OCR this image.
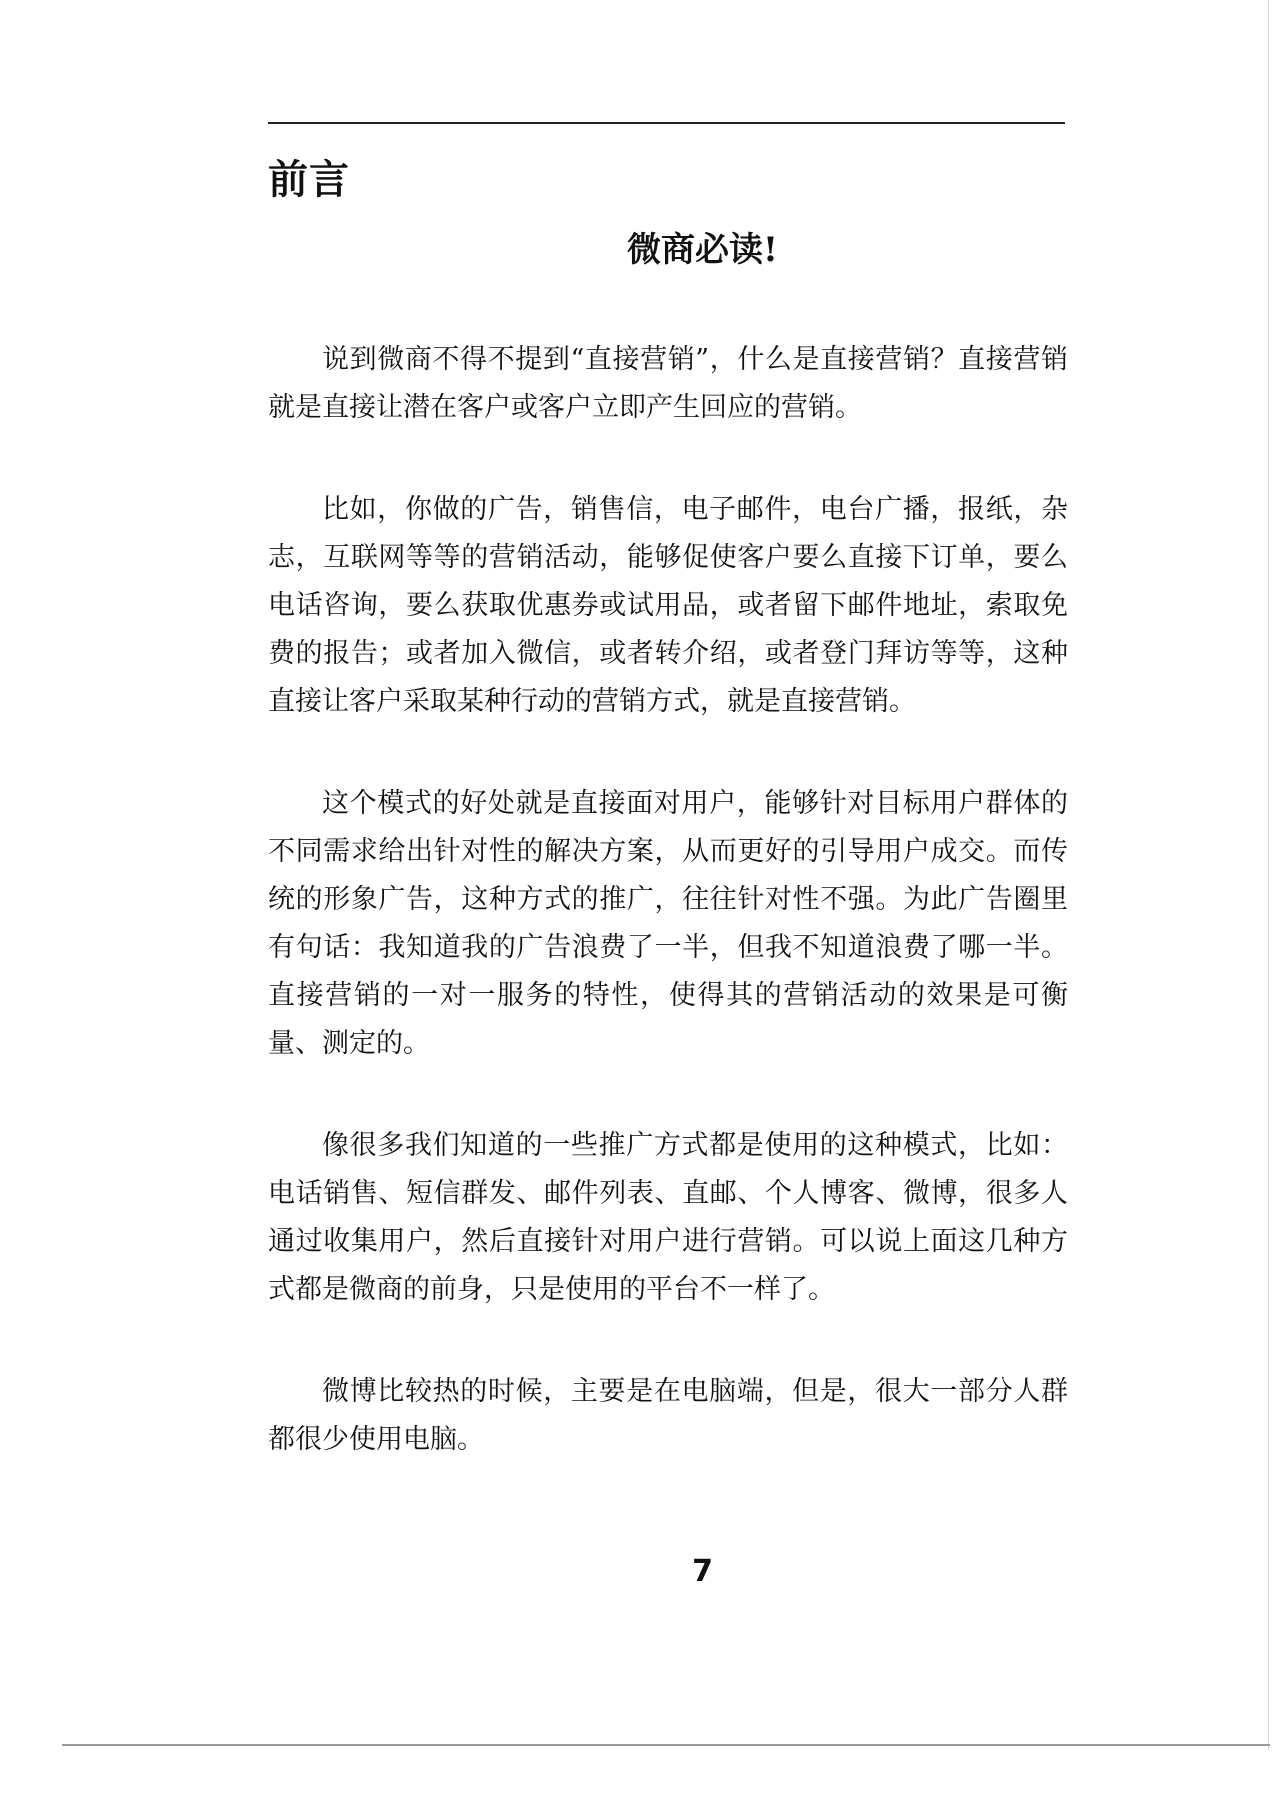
前言
微商必读!

说到微商不得不提到“直接营销”，什么是直接营销？直接营销就是直接让潜在客户或客户立即产生回应的营销。

比如，你做的广告，销售信，电子邮件，电台广播，报纸，杂志，互联网等等的营销活动，能够促使客户要么直接下订单，要么电话咨询，要么获取优惠券或试用品，或者留下邮件地址，索取免费的报告；或者加入微信，或者转介绍，或者登门拜访等等，这种直接让客户采取某种行动的营销方式，就是直接营销。

这个模式的好处就是直接面对用户，能够针对目标用户群体的不同需求给出针对性的解决方案，从而更好的引导用户成交。而传统的形象广告，这种方式的推广，往往针对性不强。为此广告圈里有句话：我知道我的广告浪费了一半，但我不知道浪费了哪一半。直接营销的一对一服务的特性，使得其的营销活动的效果是可衡量、测定的。

像很多我们知道的一些推广方式都是使用的这种模式，比如：电话销售、短信群发、邮件列表、直邮、个人博客、微博，很多人通过收集用户，然后直接针对用户进行营销。可以说上面这几种方式都是微商的前身，只是使用的平台不一样了。

微博比较热的时候，主要是在电脑端，但是，很大一部分人群都很少使用电脑。

7
